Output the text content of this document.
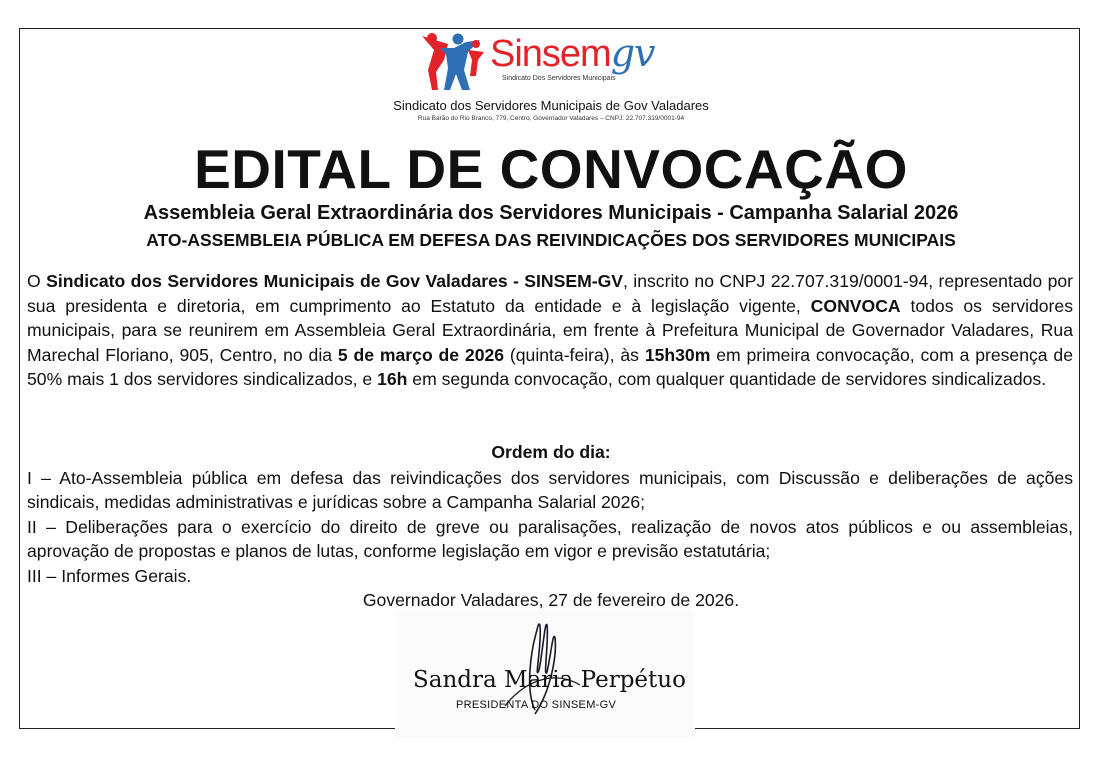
Sinsemgv
Sindicato Dos Servidores Municipais
Sindicato dos Servidores Municipais de Gov Valadares
Rua Barão do Rio Branco, 779, Centro, Governador Valadares – CNPJ: 22.707.319/0001-94
EDITAL DE CONVOCAÇÃO
Assembleia Geral Extraordinária dos Servidores Municipais - Campanha Salarial 2026
ATO-ASSEMBLEIA PÚBLICA EM DEFESA DAS REIVINDICAÇÕES DOS SERVIDORES MUNICIPAIS

O Sindicato dos Servidores Municipais de Gov Valadares - SINSEM-GV, inscrito no CNPJ 22.707.319/0001-94, representado por sua presidenta e diretoria, em cumprimento ao Estatuto da entidade e à legislação vigente, CONVOCA todos os servidores municipais, para se reunirem em Assembleia Geral Extraordinária, em frente à Prefeitura Municipal de Governador Valadares, Rua Marechal Floriano, 905, Centro, no dia 5 de março de 2026 (quinta-feira), às 15h30m em primeira convocação, com a presença de 50% mais 1 dos servidores sindicalizados, e 16h em segunda convocação, com qualquer quantidade de servidores sindicalizados.

Ordem do dia:

I – Ato-Assembleia pública em defesa das reivindicações dos servidores municipais, com Discussão e deliberações de ações sindicais, medidas administrativas e jurídicas sobre a Campanha Salarial 2026;

II – Deliberações para o exercício do direito de greve ou paralisações, realização de novos atos públicos e ou assembleias, aprovação de propostas e planos de lutas, conforme legislação em vigor e previsão estatutária;

III – Informes Gerais.

Governador Valadares, 27 de fevereiro de 2026.
Sandra Maria Perpétuo
PRESIDENTA DO SINSEM-GV
